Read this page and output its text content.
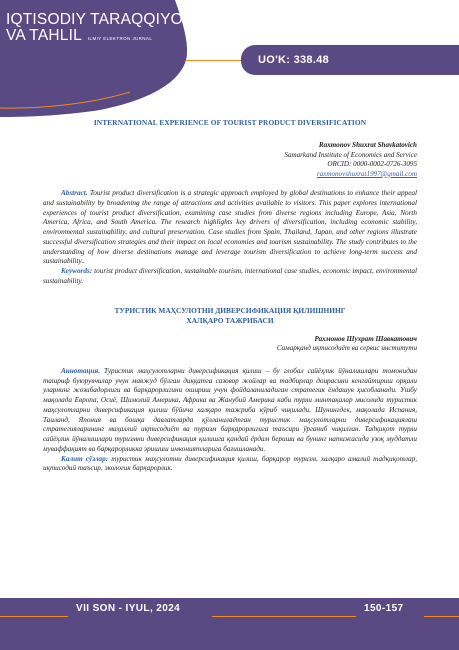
IQTISODIY TARAQQIYOT
VA TAHLIL ILMIY ELEKTRON JURNAL
UO'K: 338.48

INTERNATIONAL EXPERIENCE OF TOURIST PRODUCT DIVERSIFICATION

Raxmonov Shuxrat Shavkatovich
Samarkand Institute of Economics and Service
ORCID: 0000-0002-0726-3095
raxmonovshuxrat1997@gmail.com
Abstract. Tourist product diversification is a strategic approach employed by global destinations to enhance their appeal and sustainability by broadening the range of attractions and activities available to visitors. This paper explores international experiences of tourist product diversification, examining case studies from diverse regions including Europe, Asia, North America, Africa, and South America. The research highlights key drivers of diversification, including economic stability, environmental sustainability, and cultural preservation. Case studies from Spain, Thailand, Japan, and other regions illustrate successful diversification strategies and their impact on local economies and tourism sustainability. The study contributes to the understanding of how diverse destinations manage and leverage tourism diversification to achieve long-term success and sustainability..
Keywords: tourist product diversification, sustainable tourism, international case studies, economic impact, environmental sustainability.
ТУРИСТИК МАҲСУЛОТНИ ДИВЕРСИФИКАЦИЯ ҚИЛИШНИНГ
ХАЛҚАРО ТАЖРИБАСИ
Рахмонов Шухрат Шавкатович
Самарқанд иқтисодиёт ва сервис институти
Аннотация. Туристик маҳсулотларни диверсификация қилиш – бу глобал сайёҳлик йўналишлари томонидан ташриф буюрувчилар учун мавжуд бўлган диққатга сазовор жойлар ва тадбирлар доирасини кенгайтириш орқали уларнинг жозибадорлиги ва барқарорлигини ошириш учун фойдаланиладиган стратегик ёндашув ҳисобланади. Ушбу мақолада Европа, Осиё, Шимолий Америка, Африка ва Жанубий Америка каби турли минтақалар мисолида туристик маҳсулотларни диверсификация қилиш бўйича халқаро тажриба кўриб чиқилади. Шунингдек, мақолада Испания, Таиланд, Япония ва бошқа давлатларда қўлланилаётган туристик маҳсулотларни диверсификациялаш стратегияларининг маҳаллий иқтисодиёт ва туризм барқарорлигига таъсири ўрганиб чиқилган. Тадқиқот турли сайёҳлик йўналишлари туризмни диверсификация қилишга қандай ёрдам бериши ва бунинг натижасида узоқ муддатли муваффақият ва барқарорликка эришиш имкониятларига бағишланади.
Калит сўзлар: туристик маҳсулотни диверсификация қилиш, барқарор туризм, халқаро амалий тадқиқотлар, иқтисодий таъсир, экологик барқарорлик.
VII SON - IYUL, 2024	150-157
